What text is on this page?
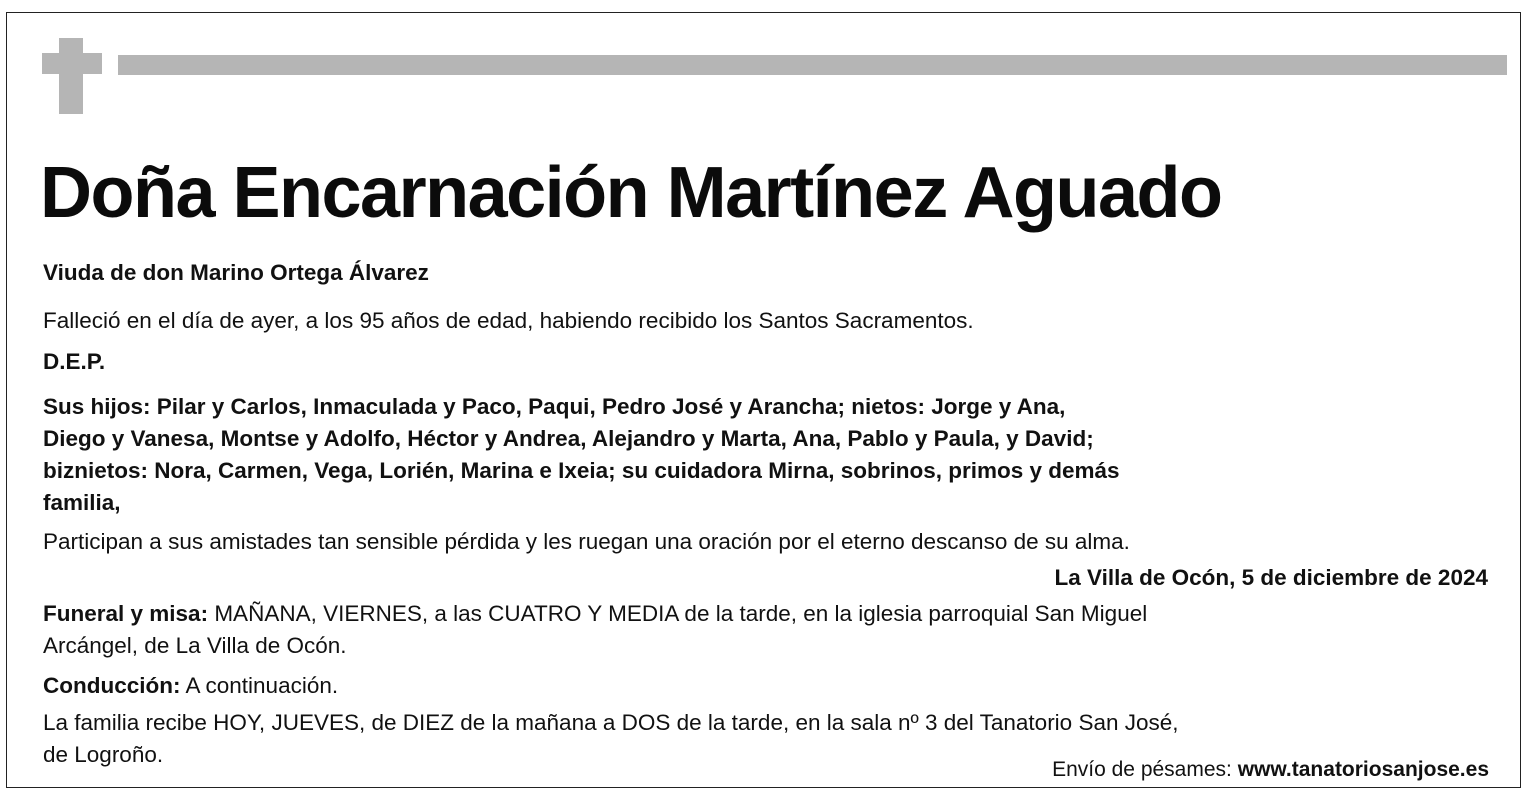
Doña Encarnación Martínez Aguado

Viuda de don Marino Ortega Álvarez

Falleció en el día de ayer, a los 95 años de edad, habiendo recibido los Santos Sacramentos.

D.E.P.

Sus hijos: Pilar y Carlos, Inmaculada y Paco, Paqui, Pedro José y Arancha; nietos: Jorge y Ana,
Diego y Vanesa, Montse y Adolfo, Héctor y Andrea, Alejandro y Marta, Ana, Pablo y Paula, y David;
biznietos: Nora, Carmen, Vega, Lorién, Marina e Ixeia; su cuidadora Mirna, sobrinos, primos y demás
familia,

Participan a sus amistades tan sensible pérdida y les ruegan una oración por el eterno descanso de su alma.

La Villa de Ocón, 5 de diciembre de 2024

Funeral y misa: MAÑANA, VIERNES, a las CUATRO Y MEDIA de la tarde, en la iglesia parroquial San Miguel
Arcángel, de La Villa de Ocón.

Conducción: A continuación.

La familia recibe HOY, JUEVES, de DIEZ de la mañana a DOS de la tarde, en la sala nº 3 del Tanatorio San José,
de Logroño.

Envío de pésames: www.tanatoriosanjose.es
